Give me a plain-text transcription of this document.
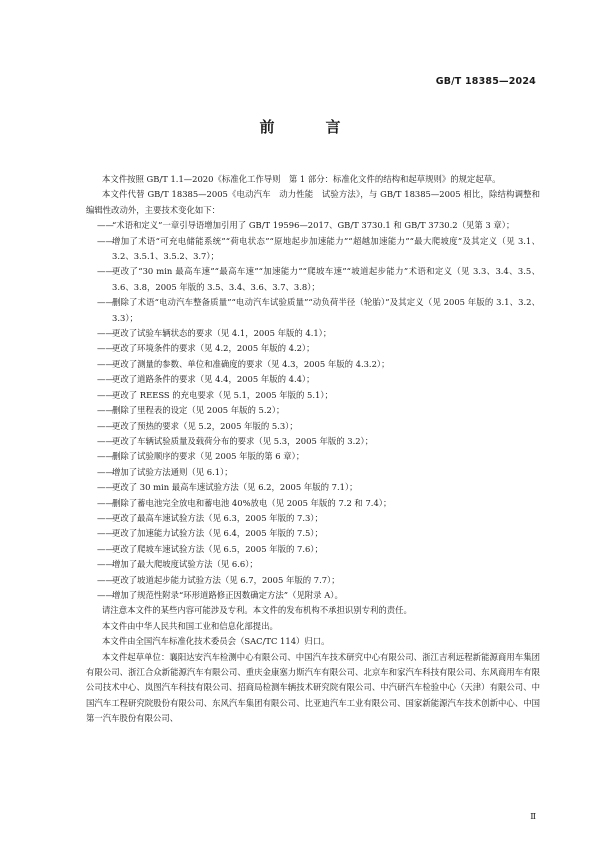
GB/T 18385—2024
前　言

本文件按照 GB/T 1.1—2020《标准化工作导则　第 1 部分：标准化文件的结构和起草规则》的规定起草。

本文件代替 GB/T 18385—2005《电动汽车　动力性能　试验方法》，与 GB/T 18385—2005 相比，除结构调整和编辑性改动外，主要技术变化如下：

——
“术语和定义”一章引导语增加引用了 GB/T 19596—2017、GB/T 3730.1 和 GB/T 3730.2（见第 3 章）；
——
增加了术语“可充电储能系统”“荷电状态”“原地起步加速能力”“超越加速能力”“最大爬坡度”及其定义（见 3.1、3.2、3.5.1、3.5.2、3.7）；
——
更改了“30 min 最高车速”“最高车速”“加速能力”“爬坡车速”“坡道起步能力”术语和定义（见 3.3、3.4、3.5、3.6、3.8，2005 年版的 3.5、3.4、3.6、3.7、3.8）；
——
删除了术语“电动汽车整备质量”“电动汽车试验质量”“动负荷半径（轮胎）”及其定义（见 2005 年版的 3.1、3.2、3.3）；
——
更改了试验车辆状态的要求（见 4.1，2005 年版的 4.1）；
——
更改了环境条件的要求（见 4.2，2005 年版的 4.2）；
——
更改了测量的参数、单位和准确度的要求（见 4.3，2005 年版的 4.3.2）；
——
更改了道路条件的要求（见 4.4，2005 年版的 4.4）；
——
更改了 REESS 的充电要求（见 5.1，2005 年版的 5.1）；
——
删除了里程表的设定（见 2005 年版的 5.2）；
——
更改了预热的要求（见 5.2，2005 年版的 5.3）；
——
更改了车辆试验质量及载荷分布的要求（见 5.3，2005 年版的 3.2）；
——
删除了试验顺序的要求（见 2005 年版的第 6 章）；
——
增加了试验方法通则（见 6.1）；
——
更改了 30 min 最高车速试验方法（见 6.2，2005 年版的 7.1）；
——
删除了蓄电池完全放电和蓄电池 40%放电（见 2005 年版的 7.2 和 7.4）；
——
更改了最高车速试验方法（见 6.3，2005 年版的 7.3）；
——
更改了加速能力试验方法（见 6.4，2005 年版的 7.5）；
——
更改了爬坡车速试验方法（见 6.5，2005 年版的 7.6）；
——
增加了最大爬坡度试验方法（见 6.6）；
——
更改了坡道起步能力试验方法（见 6.7，2005 年版的 7.7）；
——
增加了规范性附录“环形道路修正因数确定方法”（见附录 A）。

请注意本文件的某些内容可能涉及专利。本文件的发布机构不承担识别专利的责任。

本文件由中华人民共和国工业和信息化部提出。

本文件由全国汽车标准化技术委员会（SAC/TC 114）归口。

本文件起草单位：襄阳达安汽车检测中心有限公司、中国汽车技术研究中心有限公司、浙江吉利远程新能源商用车集团有限公司、浙江合众新能源汽车有限公司、重庆金康塞力斯汽车有限公司、北京车和家汽车科技有限公司、东风商用车有限公司技术中心、岚图汽车科技有限公司、招商局检测车辆技术研究院有限公司、中汽研汽车检验中心（天津）有限公司、中国汽车工程研究院股份有限公司、东风汽车集团有限公司、比亚迪汽车工业有限公司、国家新能源汽车技术创新中心、中国第一汽车股份有限公司、

Ⅱ
